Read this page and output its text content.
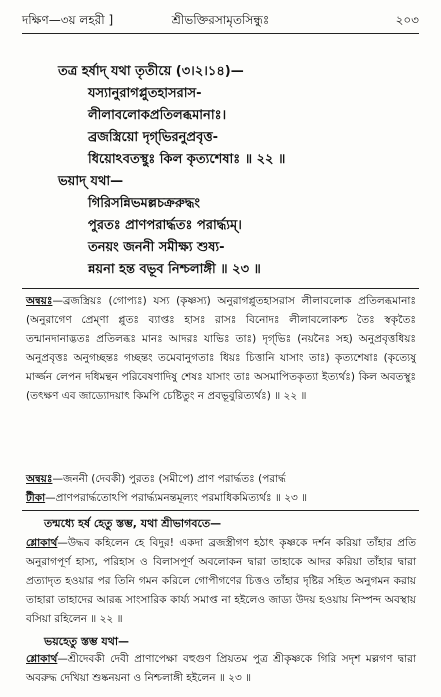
দক্ষিণ—৩য় লহরী ]	শ্রীভক্তিরসামৃতসিন্ধুঃ	২০৩
তত্র হর্ষাদ্‌ যথা তৃতীয়ে (৩।২।১৪)—
যস্যানুরাগপ্লুতহাসরাস-
লীলাবলোকপ্রতিলব্ধমানাঃ।
ব্রজস্ত্রিয়ো দৃগ্‌ভিরনুপ্রবৃত্ত-
ধিয়োঽবতস্থুঃ কিল কৃত্যশেষাঃ ॥ ২২ ॥
ভয়াদ্‌ যথা—
গিরিসন্নিভমল্লচক্ররুদ্ধং
পুরতঃ প্রাণপরার্দ্ধতঃ পরার্দ্ধ্যম্‌।
তনয়ং জননী সমীক্ষ্য শুষ্য-
ন্নয়না হন্ত বভূব নিশ্চলাঙ্গী ॥ ২৩ ॥
অন্বয়ঃ—ব্রজস্ত্রিয়ঃ (গোপ্যঃ) যস্য (কৃষ্ণস্য) অনুরাগপ্লুতহাসরাস লীলাবলোক প্রতিলব্ধমানাঃ (অনুরাগেণ প্রেম্ণা প্লুতঃ ব্যাপ্তঃ হাসঃ রাসঃ বিনোদঃ লীলাবলোকশ্চ তৈঃ স্বকৃতৈঃ তন্মানদানাদ্ভতঃ প্রতিলব্ধঃ মানঃ আদরঃ যাভিঃ তাঃ) দৃগ্‌ভিঃ (নয়নৈঃ সহ) অনুপ্রবৃত্তধিয়ঃ অনুপ্রবৃত্তঃ অনুগচ্ছন্তঃ গচ্ছন্তং তমেবানুগতাঃ ধিয়ঃ চিত্তানি যাসাং তাঃ) কৃত্যশেষাঃ (কৃত্যেষু মার্জ্জন লেপন দধিমন্থন পরিবেষণাদিষু শেষঃ যাসাং তাঃ অসমাপিতকৃত্যা ইত্যর্থঃ) কিল অবতস্থুঃ (তৎক্ষণ এব জাড্যোদয়াৎ কিমপি চেষ্টিতুং ন প্রবভূবুরিত্যর্থঃ) ॥ ২২ ॥
অন্বয়ঃ—জননী (দেবকী) পুরতঃ (সমীপে) প্রাণ পরার্দ্ধতঃ (পরার্দ্ধ
টীকা—প্রাণপরার্দ্ধতোঽপি পরার্দ্ধ্যমনন্তমূল্যং পরমাধিকমিত্যর্থঃ ॥ ২৩ ॥
তন্মধ্যে হর্ষ হেতু স্তম্ভ, যথা শ্রীভাগবতে—
শ্লোকার্থ—উদ্ধব কহিলেন হে বিদুর! একদা ব্রজস্ত্রীগণ হঠাৎ কৃষ্ণকে দর্শন করিয়া তাঁহার প্রতি অনুরাগপূর্ণ হাস্য, পরিহাস ও বিলাসপূর্ণ অবলোকন দ্বারা তাহাকে আদর করিয়া তাঁহার দ্বারা প্রত্যাদৃত হওয়ার পর তিনি গমন করিলে গোপীগণের চিত্তও তাঁহার দৃষ্টির সহিত অনুগমন করায় তাহারা তাহাদের আরব্ধ সাংসারিক কার্য্য সমাপ্ত না হইলেও জাড্য উদয় হওয়ায় নিস্পন্দ অবস্থায় বসিয়া রহিলেন ॥ ২২ ॥
ভয়হেতু স্তম্ভ যথা—
শ্লোকার্থ—শ্রীদেবকী দেবী প্রাণাপেক্ষা বহুগুণ প্রিয়তম পুত্র শ্রীকৃষ্ণকে গিরি সদৃশ মল্লগণ দ্বারা অবরুদ্ধ দেখিয়া শুষ্কনয়না ও নিশ্চলাঙ্গী হইলেন ॥ ২৩ ॥
